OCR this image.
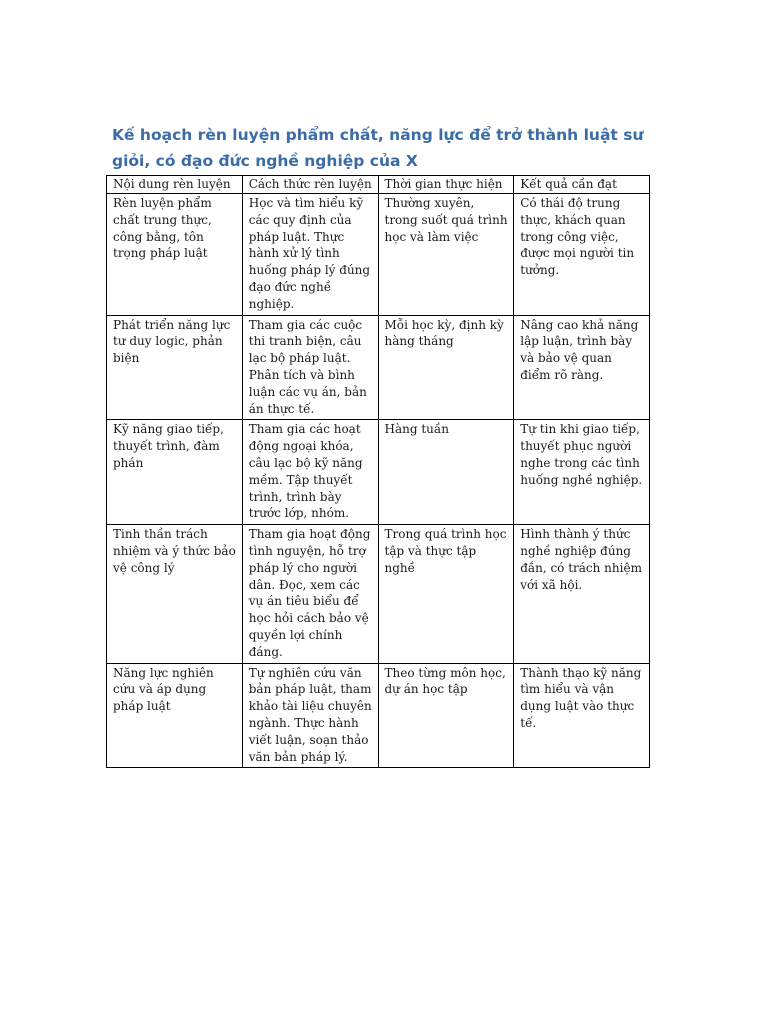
Kế hoạch rèn luyện phẩm chất, năng lực để trở thành luật sư giỏi, có đạo đức nghề nghiệp của X
Nội dung rèn luyện	Cách thức rèn luyện	Thời gian thực hiện	Kết quả cần đạt
Rèn luyện phẩm chất trung thực, công bằng, tôn trọng pháp luật	Học và tìm hiểu kỹ các quy định của pháp luật. Thực hành xử lý tình huống pháp lý đúng đạo đức nghề nghiệp.	Thường xuyên, trong suốt quá trình học và làm việc	Có thái độ trung thực, khách quan trong công việc, được mọi người tin tưởng.
Phát triển năng lực tư duy logic, phản biện	Tham gia các cuộc thi tranh biện, câu lạc bộ pháp luật. Phân tích và bình luận các vụ án, bản án thực tế.	Mỗi học kỳ, định kỳ hàng tháng	Nâng cao khả năng lập luận, trình bày và bảo vệ quan điểm rõ ràng.
Kỹ năng giao tiếp, thuyết trình, đàm phán	Tham gia các hoạt động ngoại khóa, câu lạc bộ kỹ năng mềm. Tập thuyết trình, trình bày trước lớp, nhóm.	Hàng tuần	Tự tin khi giao tiếp, thuyết phục người nghe trong các tình huống nghề nghiệp.
Tinh thần trách nhiệm và ý thức bảo vệ công lý	Tham gia hoạt động tình nguyện, hỗ trợ pháp lý cho người dân. Đọc, xem các vụ án tiêu biểu để học hỏi cách bảo vệ quyền lợi chính đáng.	Trong quá trình học tập và thực tập nghề	Hình thành ý thức nghề nghiệp đúng đắn, có trách nhiệm với xã hội.
Năng lực nghiên cứu và áp dụng pháp luật	Tự nghiên cứu văn bản pháp luật, tham khảo tài liệu chuyên ngành. Thực hành viết luận, soạn thảo văn bản pháp lý.	Theo từng môn học, dự án học tập	Thành thạo kỹ năng tìm hiểu và vận dụng luật vào thực tế.
